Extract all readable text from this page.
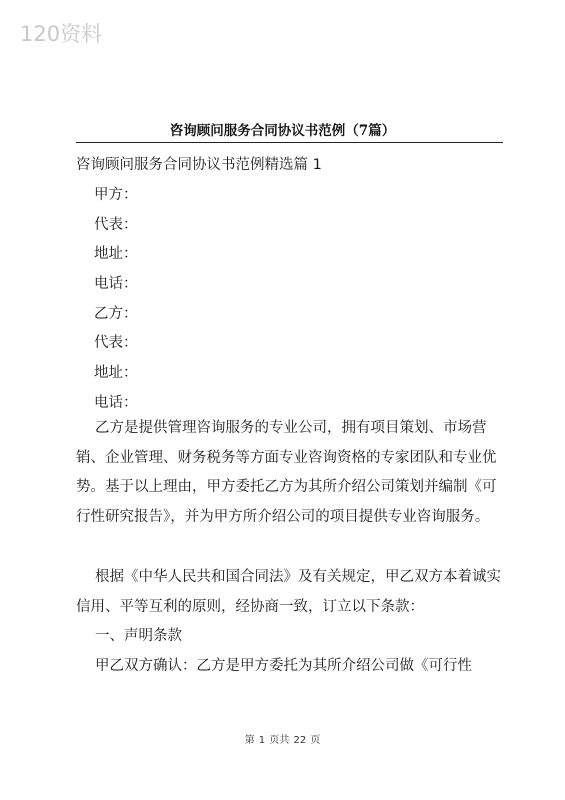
120资料
咨询顾问服务合同协议书范例（7篇）
咨询顾问服务合同协议书范例精选篇 1
甲方：
代表：
地址：
电话：
乙方：
代表：
地址：
电话：

乙方是提供管理咨询服务的专业公司，拥有项目策划、市场营销、企业管理、财务税务等方面专业咨询资格的专家团队和专业优势。基于以上理由，甲方委托乙方为其所介绍公司策划并编制《可行性研究报告》，并为甲方所介绍公司的项目提供专业咨询服务。

根据《中华人民共和国合同法》及有关规定，甲乙双方本着诚实信用、平等互利的原则，经协商一致，订立以下条款：

一、声明条款

甲乙双方确认：乙方是甲方委托为其所介绍公司做《可行性

第 1 页共 22 页
